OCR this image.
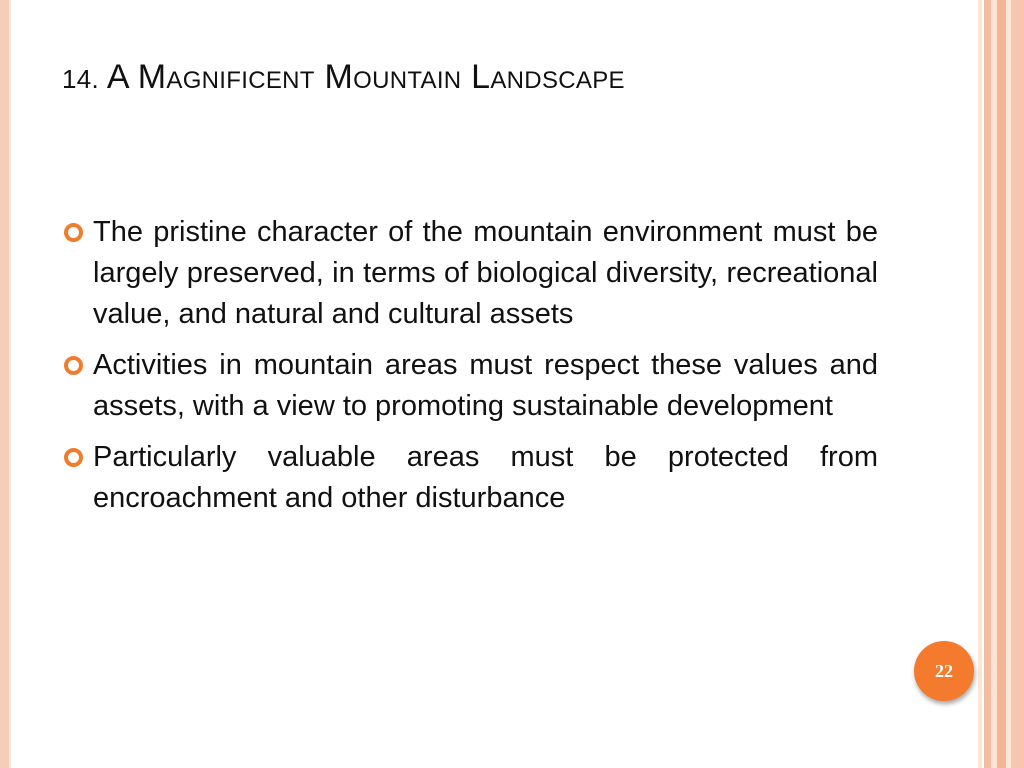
14. A Magnificent Mountain Landscape
The pristine character of the mountain environment must be largely preserved, in terms of biological diversity, recreational value, and natural and cultural assets
Activities in mountain areas must respect these values and assets, with a view to promoting sustainable development
Particularly valuable areas must be protected from encroachment and other disturbance
22
